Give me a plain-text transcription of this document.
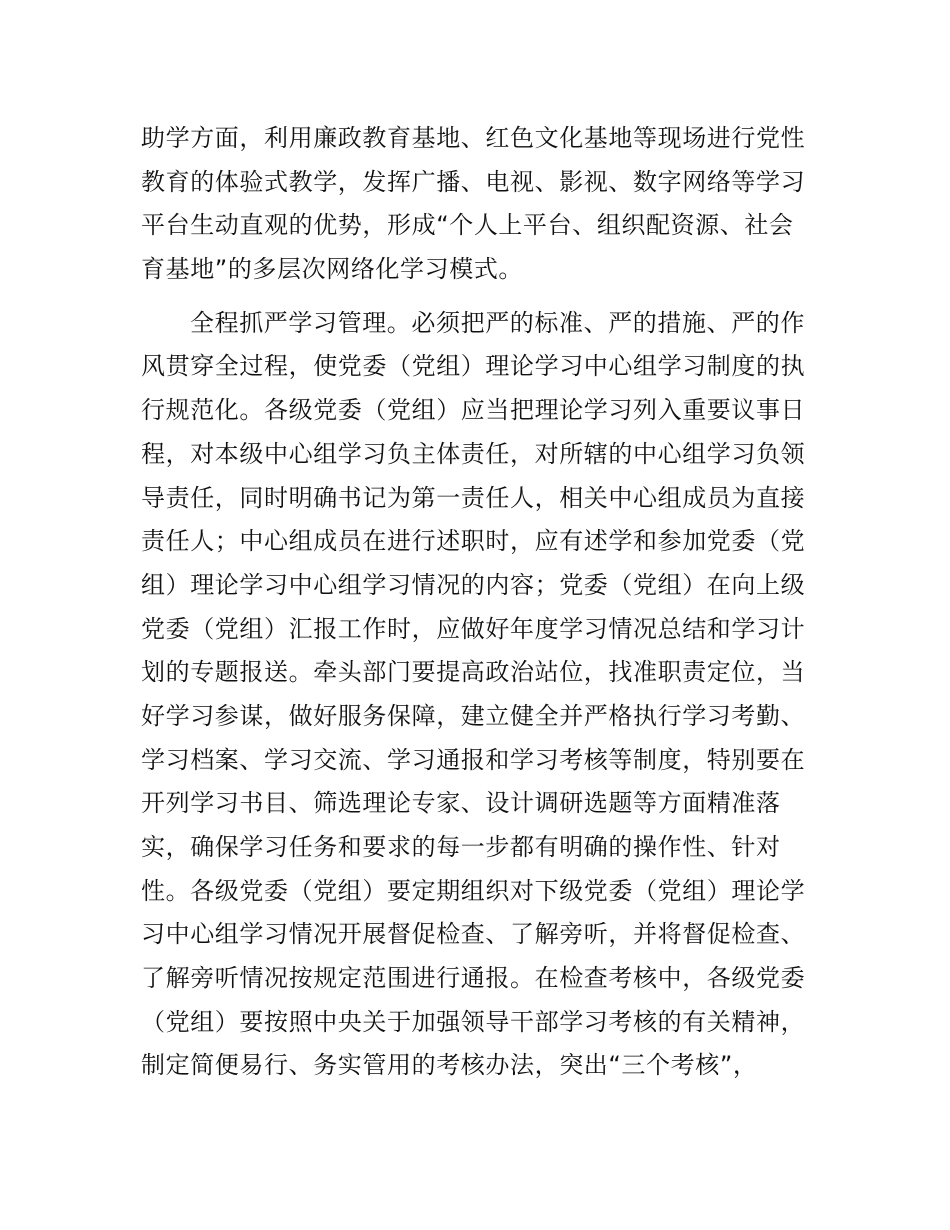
助学方面，利用廉政教育基地、红色文化基地等现场进行党性
教育的体验式教学，发挥广播、电视、影视、数字网络等学习
平台生动直观的优势，形成“个人上平台、组织配资源、社会
育基地”的多层次网络化学习模式。
全程抓严学习管理。必须把严的标准、严的措施、严的作
风贯穿全过程，使党委（党组）理论学习中心组学习制度的执
行规范化。各级党委（党组）应当把理论学习列入重要议事日
程，对本级中心组学习负主体责任，对所辖的中心组学习负领
导责任，同时明确书记为第一责任人，相关中心组成员为直接
责任人；中心组成员在进行述职时，应有述学和参加党委（党
组）理论学习中心组学习情况的内容；党委（党组）在向上级
党委（党组）汇报工作时，应做好年度学习情况总结和学习计
划的专题报送。牵头部门要提高政治站位，找准职责定位，当
好学习参谋，做好服务保障，建立健全并严格执行学习考勤、
学习档案、学习交流、学习通报和学习考核等制度，特别要在
开列学习书目、筛选理论专家、设计调研选题等方面精准落
实，确保学习任务和要求的每一步都有明确的操作性、针对
性。各级党委（党组）要定期组织对下级党委（党组）理论学
习中心组学习情况开展督促检查、了解旁听，并将督促检查、
了解旁听情况按规定范围进行通报。在检查考核中，各级党委
（党组）要按照中央关于加强领导干部学习考核的有关精神，
制定简便易行、务实管用的考核办法，突出“三个考核”，
